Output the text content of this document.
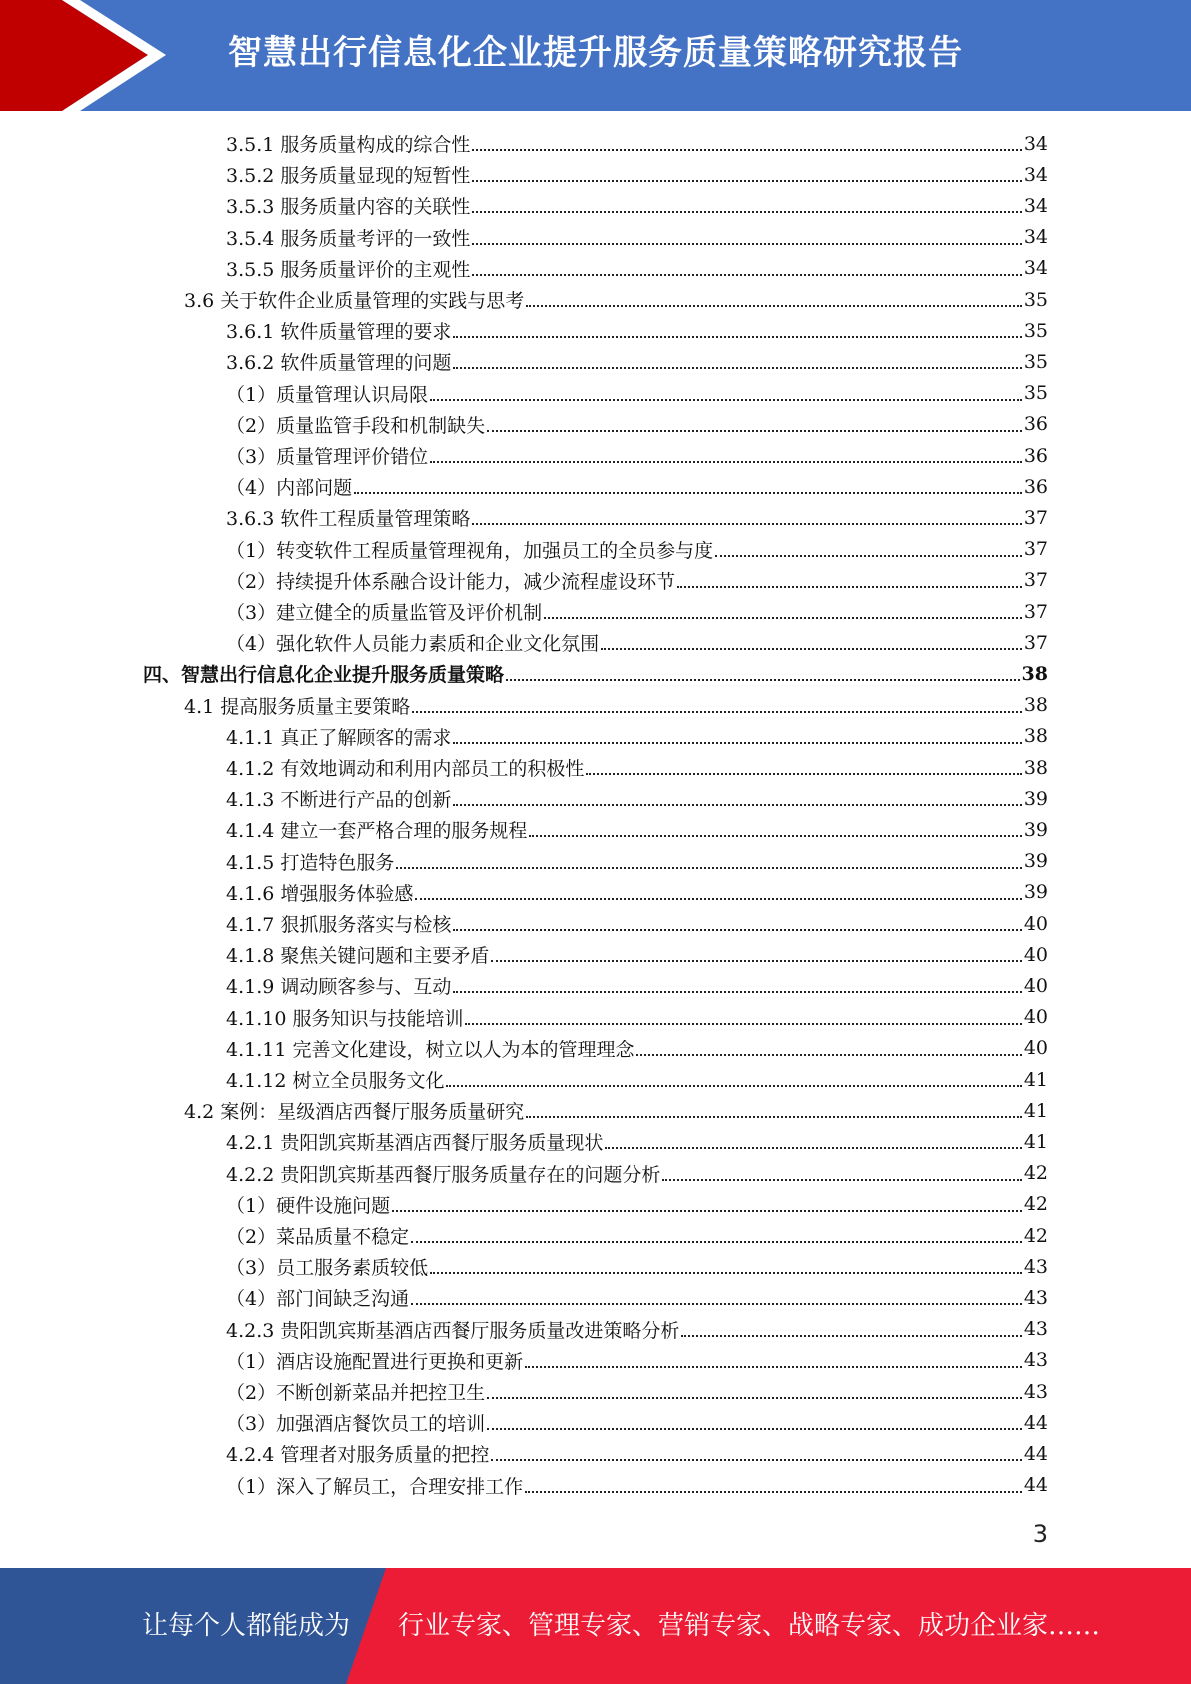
智慧出行信息化企业提升服务质量策略研究报告
3.5.1 服务质量构成的综合性	34
3.5.2 服务质量显现的短暂性	34
3.5.3 服务质量内容的关联性	34
3.5.4 服务质量考评的一致性	34
3.5.5 服务质量评价的主观性	34
3.6 关于软件企业质量管理的实践与思考	35
3.6.1 软件质量管理的要求	35
3.6.2 软件质量管理的问题	35
（1）质量管理认识局限	35
（2）质量监管手段和机制缺失	36
（3）质量管理评价错位	36
（4）内部问题	36
3.6.3 软件工程质量管理策略	37
（1）转变软件工程质量管理视角，加强员工的全员参与度	37
（2）持续提升体系融合设计能力，减少流程虚设环节	37
（3）建立健全的质量监管及评价机制	37
（4）强化软件人员能力素质和企业文化氛围	37
四、智慧出行信息化企业提升服务质量策略	38
4.1 提高服务质量主要策略	38
4.1.1 真正了解顾客的需求	38
4.1.2 有效地调动和利用内部员工的积极性	38
4.1.3 不断进行产品的创新	39
4.1.4 建立一套严格合理的服务规程	39
4.1.5 打造特色服务	39
4.1.6 增强服务体验感	39
4.1.7 狠抓服务落实与检核	40
4.1.8 聚焦关键问题和主要矛盾	40
4.1.9 调动顾客参与、互动	40
4.1.10 服务知识与技能培训	40
4.1.11 完善文化建设，树立以人为本的管理理念	40
4.1.12 树立全员服务文化	41
4.2 案例：星级酒店西餐厅服务质量研究	41
4.2.1 贵阳凯宾斯基酒店西餐厅服务质量现状	41
4.2.2 贵阳凯宾斯基西餐厅服务质量存在的问题分析	42
（1）硬件设施问题	42
（2）菜品质量不稳定	42
（3）员工服务素质较低	43
（4）部门间缺乏沟通	43
4.2.3 贵阳凯宾斯基酒店西餐厅服务质量改进策略分析	43
（1）酒店设施配置进行更换和更新	43
（2）不断创新菜品并把控卫生	43
（3）加强酒店餐饮员工的培训	44
4.2.4 管理者对服务质量的把控	44
（1）深入了解员工，合理安排工作	44
3
让每个人都能成为 行业专家、管理专家、营销专家、战略专家、成功企业家……
